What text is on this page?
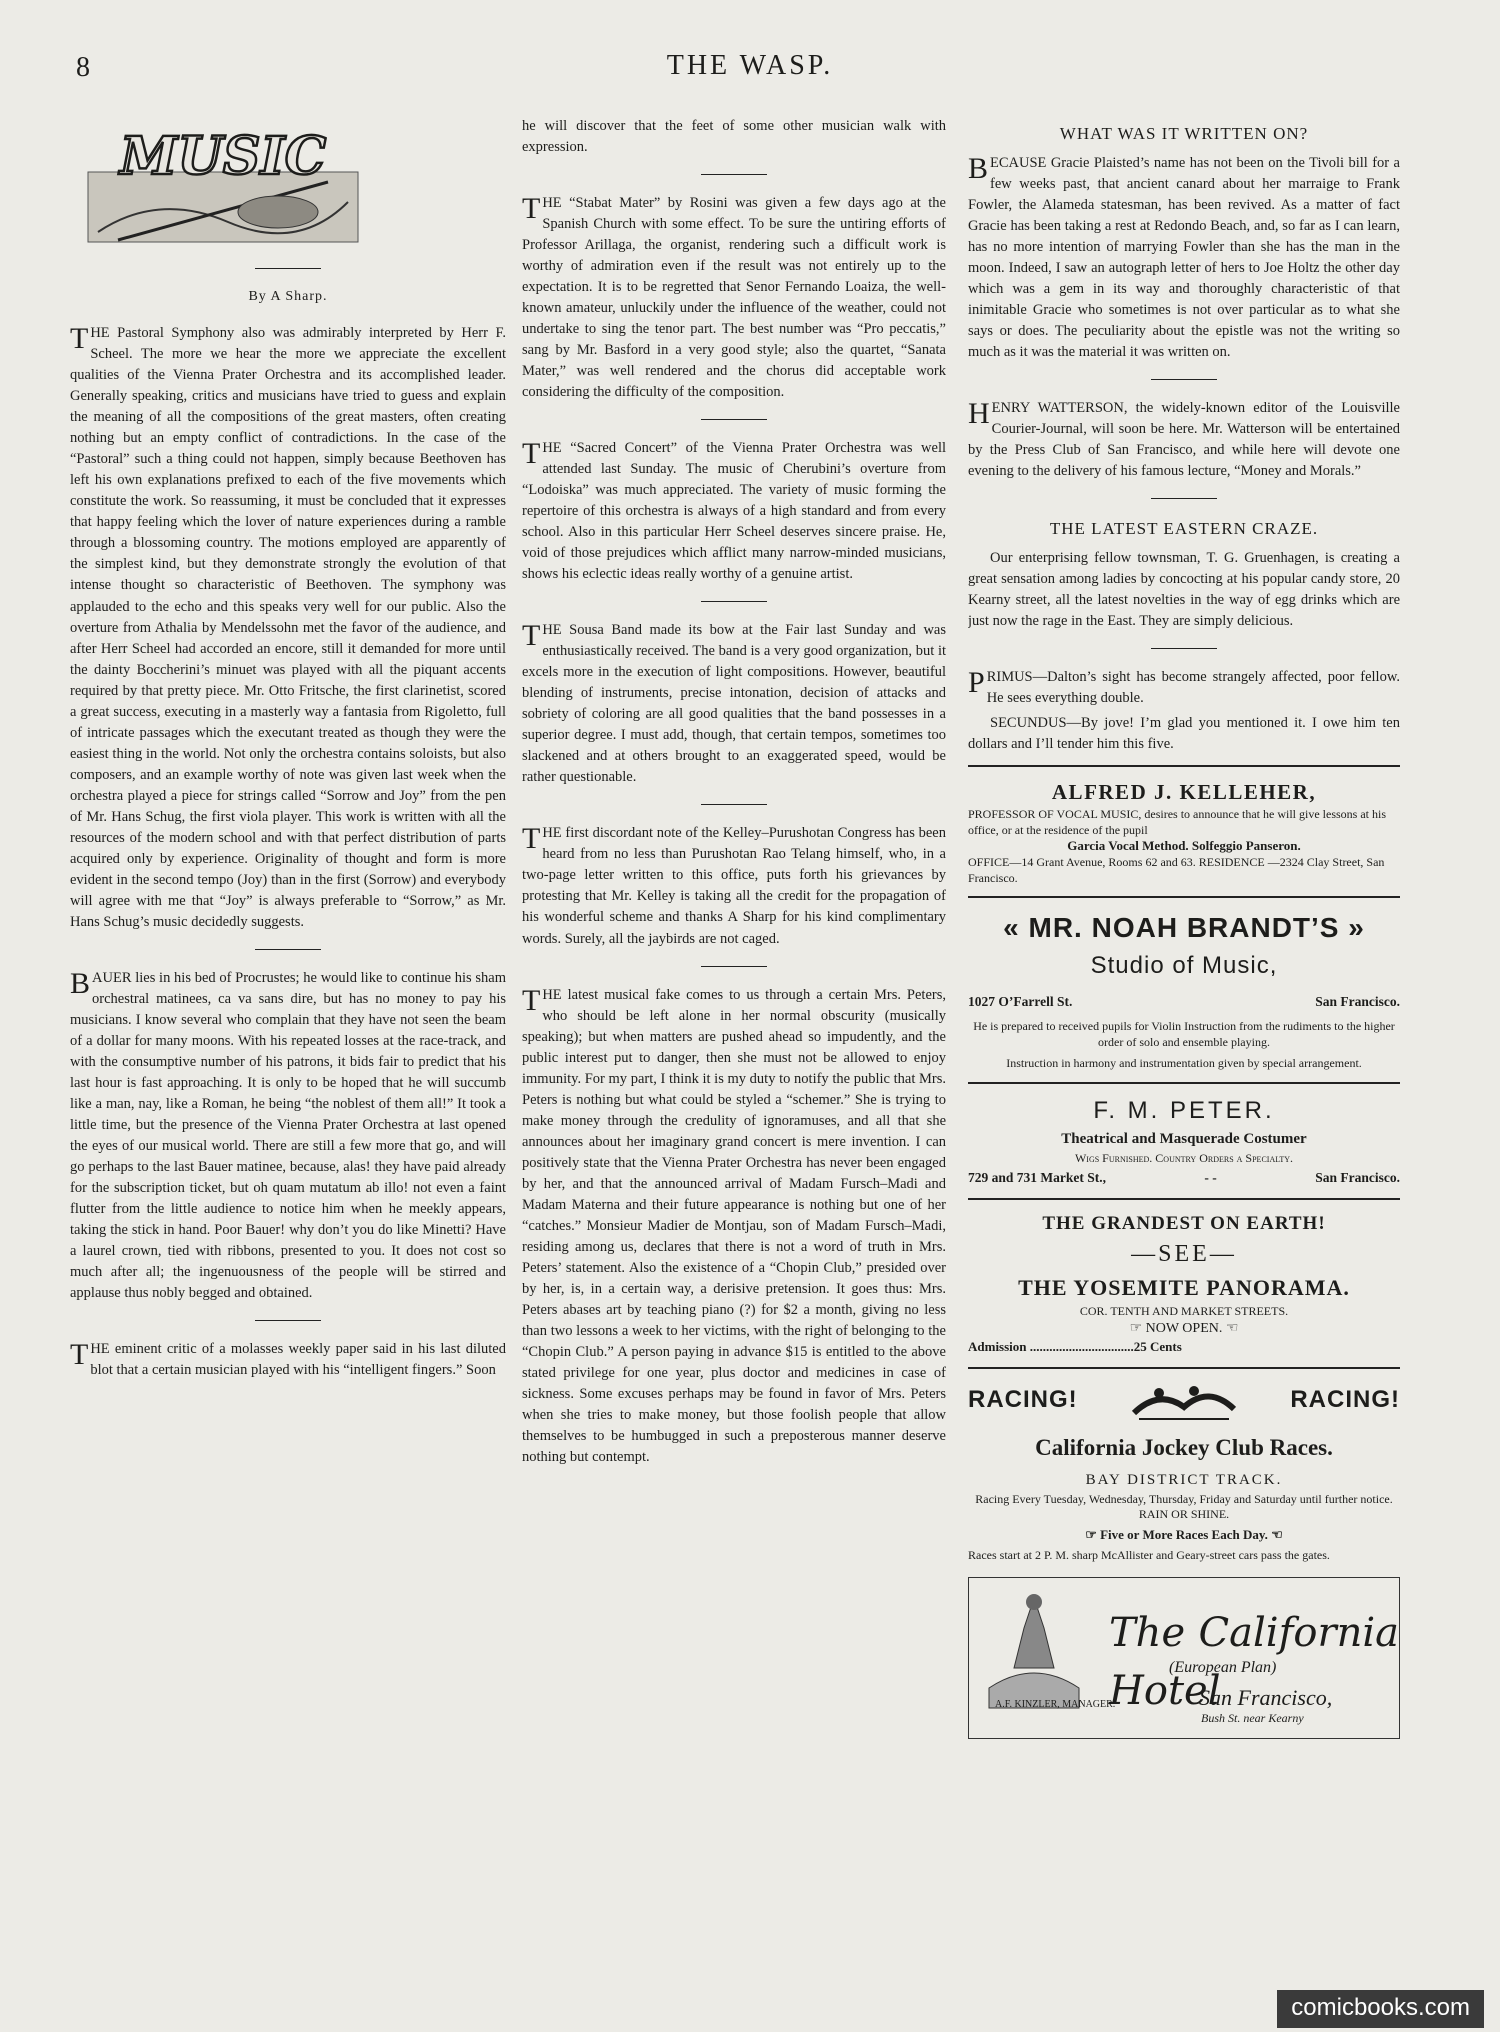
8	THE WASP.
MUSIC
By A Sharp.

THE Pastoral Symphony also was admirably interpreted by Herr F. Scheel. The more we hear the more we appreciate the excellent qualities of the Vienna Prater Orchestra and its accomplished leader. Generally speaking, critics and musicians have tried to guess and explain the meaning of all the compositions of the great masters, often creating nothing but an empty conflict of contradictions. In the case of the “Pastoral” such a thing could not happen, simply because Beethoven has left his own explanations prefixed to each of the five movements which constitute the work. So reassuming, it must be concluded that it expresses that happy feeling which the lover of nature experiences during a ramble through a blossoming country. The motions employed are apparently of the simplest kind, but they demonstrate strongly the evolution of that intense thought so characteristic of Beethoven. The symphony was applauded to the echo and this speaks very well for our public. Also the overture from Athalia by Mendelssohn met the favor of the audience, and after Herr Scheel had accorded an encore, still it demanded for more until the dainty Boccherini’s minuet was played with all the piquant accents required by that pretty piece. Mr. Otto Fritsche, the first clarinetist, scored a great success, executing in a masterly way a fantasia from Rigoletto, full of intricate passages which the executant treated as though they were the easiest thing in the world. Not only the orchestra contains soloists, but also composers, and an example worthy of note was given last week when the orchestra played a piece for strings called “Sorrow and Joy” from the pen of Mr. Hans Schug, the first viola player. This work is written with all the resources of the modern school and with that perfect distribution of parts acquired only by experience. Originality of thought and form is more evident in the second tempo (Joy) than in the first (Sorrow) and everybody will agree with me that “Joy” is always preferable to “Sorrow,” as Mr. Hans Schug’s music decidedly suggests.

BAUER lies in his bed of Procrustes; he would like to continue his sham orchestral matinees, ca va sans dire, but has no money to pay his musicians. I know several who complain that they have not seen the beam of a dollar for many moons. With his repeated losses at the race-track, and with the consumptive number of his patrons, it bids fair to predict that his last hour is fast approaching. It is only to be hoped that he will succumb like a man, nay, like a Roman, he being “the noblest of them all!” It took a little time, but the presence of the Vienna Prater Orchestra at last opened the eyes of our musical world. There are still a few more that go, and will go perhaps to the last Bauer matinee, because, alas! they have paid already for the subscription ticket, but oh quam mutatum ab illo! not even a faint flutter from the little audience to notice him when he meekly appears, taking the stick in hand. Poor Bauer! why don’t you do like Minetti? Have a laurel crown, tied with ribbons, presented to you. It does not cost so much after all; the ingenuousness of the people will be stirred and applause thus nobly begged and obtained.

THE eminent critic of a molasses weekly paper said in his last diluted blot that a certain musician played with his “intelligent fingers.” Soon

he will discover that the feet of some other musician walk with expression.

THE “Stabat Mater” by Rosini was given a few days ago at the Spanish Church with some effect. To be sure the untiring efforts of Professor Arillaga, the organist, rendering such a difficult work is worthy of admiration even if the result was not entirely up to the expectation. It is to be regretted that Senor Fernando Loaiza, the well-known amateur, unluckily under the influence of the weather, could not undertake to sing the tenor part. The best number was “Pro peccatis,” sang by Mr. Basford in a very good style; also the quartet, “Sanata Mater,” was well rendered and the chorus did acceptable work considering the difficulty of the composition.

THE “Sacred Concert” of the Vienna Prater Orchestra was well attended last Sunday. The music of Cherubini’s overture from “Lodoiska” was much appreciated. The variety of music forming the repertoire of this orchestra is always of a high standard and from every school. Also in this particular Herr Scheel deserves sincere praise. He, void of those prejudices which afflict many narrow-minded musicians, shows his eclectic ideas really worthy of a genuine artist.

THE Sousa Band made its bow at the Fair last Sunday and was enthusiastically received. The band is a very good organization, but it excels more in the execution of light compositions. However, beautiful blending of instruments, precise intonation, decision of attacks and sobriety of coloring are all good qualities that the band possesses in a superior degree. I must add, though, that certain tempos, sometimes too slackened and at others brought to an exaggerated speed, would be rather questionable.

THE first discordant note of the Kelley–Purushotan Congress has been heard from no less than Purushotan Rao Telang himself, who, in a two-page letter written to this office, puts forth his grievances by protesting that Mr. Kelley is taking all the credit for the propagation of his wonderful scheme and thanks A Sharp for his kind complimentary words. Surely, all the jaybirds are not caged.

THE latest musical fake comes to us through a certain Mrs. Peters, who should be left alone in her normal obscurity (musically speaking); but when matters are pushed ahead so impudently, and the public interest put to danger, then she must not be allowed to enjoy immunity. For my part, I think it is my duty to notify the public that Mrs. Peters is nothing but what could be styled a “schemer.” She is trying to make money through the credulity of ignoramuses, and all that she announces about her imaginary grand concert is mere invention. I can positively state that the Vienna Prater Orchestra has never been engaged by her, and that the announced arrival of Madam Fursch–Madi and Madam Materna and their future appearance is nothing but one of her “catches.” Monsieur Madier de Montjau, son of Madam Fursch–Madi, residing among us, declares that there is not a word of truth in Mrs. Peters’ statement. Also the existence of a “Chopin Club,” presided over by her, is, in a certain way, a derisive pretension. It goes thus: Mrs. Peters abases art by teaching piano (?) for $2 a month, giving no less than two lessons a week to her victims, with the right of belonging to the “Chopin Club.” A person paying in advance $15 is entitled to the above stated privilege for one year, plus doctor and medicines in case of sickness. Some excuses perhaps may be found in favor of Mrs. Peters when she tries to make money, but those foolish people that allow themselves to be humbugged in such a preposterous manner deserve nothing but contempt.

WHAT WAS IT WRITTEN ON?

BECAUSE Gracie Plaisted’s name has not been on the Tivoli bill for a few weeks past, that ancient canard about her marraige to Frank Fowler, the Alameda statesman, has been revived. As a matter of fact Gracie has been taking a rest at Redondo Beach, and, so far as I can learn, has no more intention of marrying Fowler than she has the man in the moon. Indeed, I saw an autograph letter of hers to Joe Holtz the other day which was a gem in its way and thoroughly characteristic of that inimitable Gracie who sometimes is not over particular as to what she says or does. The peculiarity about the epistle was not the writing so much as it was the material it was written on.

HENRY WATTERSON, the widely-known editor of the Louisville Courier-Journal, will soon be here. Mr. Watterson will be entertained by the Press Club of San Francisco, and while here will devote one evening to the delivery of his famous lecture, “Money and Morals.”

THE LATEST EASTERN CRAZE.

Our enterprising fellow townsman, T. G. Gruenhagen, is creating a great sensation among ladies by concocting at his popular candy store, 20 Kearny street, all the latest novelties in the way of egg drinks which are just now the rage in the East. They are simply delicious.

PRIMUS—Dalton’s sight has become strangely affected, poor fellow. He sees everything double.

SECUNDUS—By jove! I’m glad you mentioned it. I owe him ten dollars and I’ll tender him this five.

ALFRED J. KELLEHER,
PROFESSOR OF VOCAL MUSIC, desires to announce that he will give lessons at his office, or at the residence of the pupil
Garcia Vocal Method. Solfeggio Panseron.
OFFICE—14 Grant Avenue, Rooms 62 and 63. RESIDENCE —2324 Clay Street, San Francisco.
« MR. NOAH BRANDT’S »
Studio of Music,
1027 O’Farrell St.	San Francisco.
He is prepared to received pupils for Violin Instruction from the rudiments to the higher order of solo and ensemble playing.
Instruction in harmony and instrumentation given by special arrangement.
F. M. PETER.
Theatrical and Masquerade Costumer
Wigs Furnished. Country Orders a Specialty.
729 and 731 Market St.,	- -	San Francisco.
THE GRANDEST ON EARTH!
—SEE—
THE YOSEMITE PANORAMA.
COR. TENTH AND MARKET STREETS.
☞ NOW OPEN. ☜
Admission ................................25 Cents
RACING!	RACING!
California Jockey Club Races.
BAY DISTRICT TRACK.
Racing Every Tuesday, Wednesday, Thursday, Friday and Saturday until further notice. RAIN OR SHINE.
☞ Five or More Races Each Day. ☜
Races start at 2 P. M. sharp McAllister and Geary-street cars pass the gates.
The California Hotel
(European Plan)
San Francisco,
Bush St. near Kearny
A.F. KINZLER, MANAGER.
comicbooks.com
